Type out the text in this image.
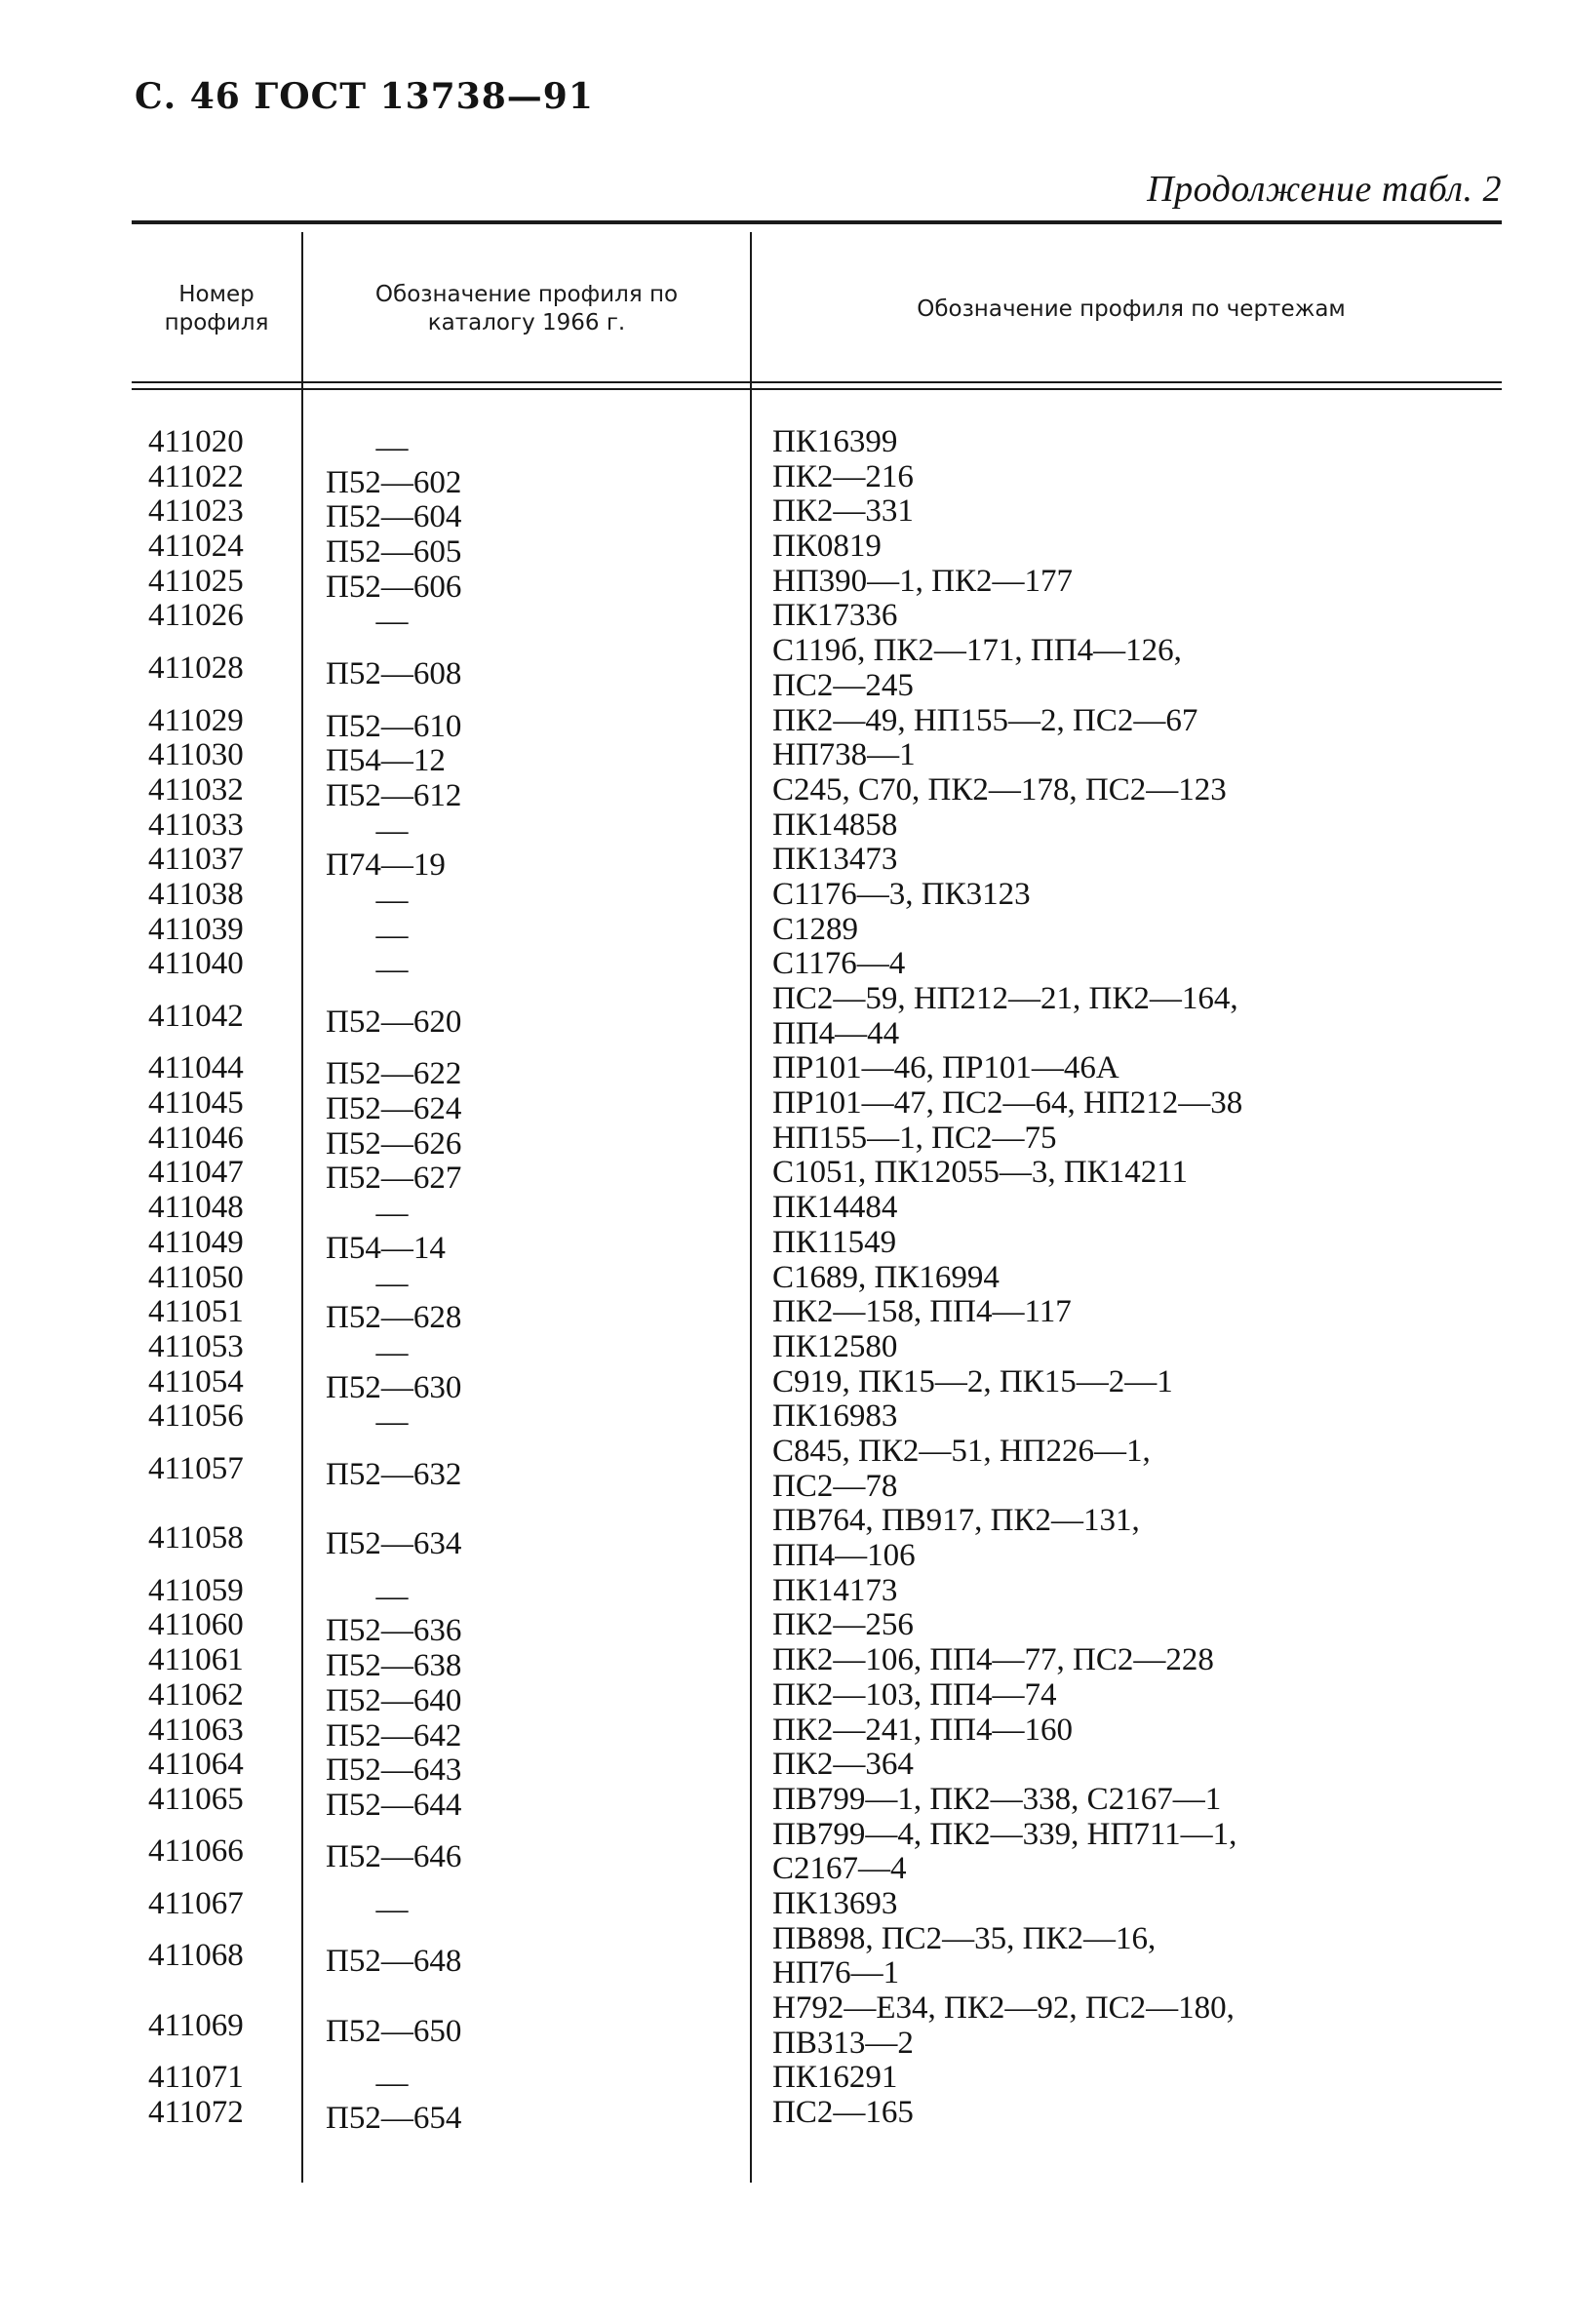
С. 46 ГОСТ 13738—91
Продолжение табл. 2
Номер профиля
Обозначение профиля по каталогу 1966 г.
Обозначение профиля по чертежам
411020	—	ПК16399
411022	П52—602	ПК2—216
411023	П52—604	ПК2—331
411024	П52—605	ПК0819
411025	П52—606	НП390—1, ПК2—177
411026	—	ПК17336
411028	П52—608
С119б, ПК2—171, ПП4—126,
ПС2—245
411029	П52—610	ПК2—49, НП155—2, ПС2—67
411030	П54—12	НП738—1
411032	П52—612	С245, С70, ПК2—178, ПС2—123
411033	—	ПК14858
411037	П74—19	ПК13473
411038	—	С1176—3, ПК3123
411039	—	С1289
411040	—	С1176—4
411042	П52—620
ПС2—59, НП212—21, ПК2—164,
ПП4—44
411044	П52—622	ПР101—46, ПР101—46А
411045	П52—624	ПР101—47, ПС2—64, НП212—38
411046	П52—626	НП155—1, ПС2—75
411047	П52—627	С1051, ПК12055—3, ПК14211
411048	—	ПК14484
411049	П54—14	ПК11549
411050	—	С1689, ПК16994
411051	П52—628	ПК2—158, ПП4—117
411053	—	ПК12580
411054	П52—630	С919, ПК15—2, ПК15—2—1
411056	—	ПК16983
411057	П52—632
С845, ПК2—51, НП226—1,
ПС2—78
411058	П52—634
ПВ764, ПВ917, ПК2—131,
ПП4—106
411059	—	ПК14173
411060	П52—636	ПК2—256
411061	П52—638	ПК2—106, ПП4—77, ПС2—228
411062	П52—640	ПК2—103, ПП4—74
411063	П52—642	ПК2—241, ПП4—160
411064	П52—643	ПК2—364
411065	П52—644	ПВ799—1, ПК2—338, С2167—1
411066	П52—646
ПВ799—4, ПК2—339, НП711—1,
С2167—4
411067	—	ПК13693
411068	П52—648
ПВ898, ПС2—35, ПК2—16,
НП76—1
411069	П52—650
Н792—Е34, ПК2—92, ПС2—180,
ПВ313—2
411071	—	ПК16291
411072	П52—654	ПС2—165
